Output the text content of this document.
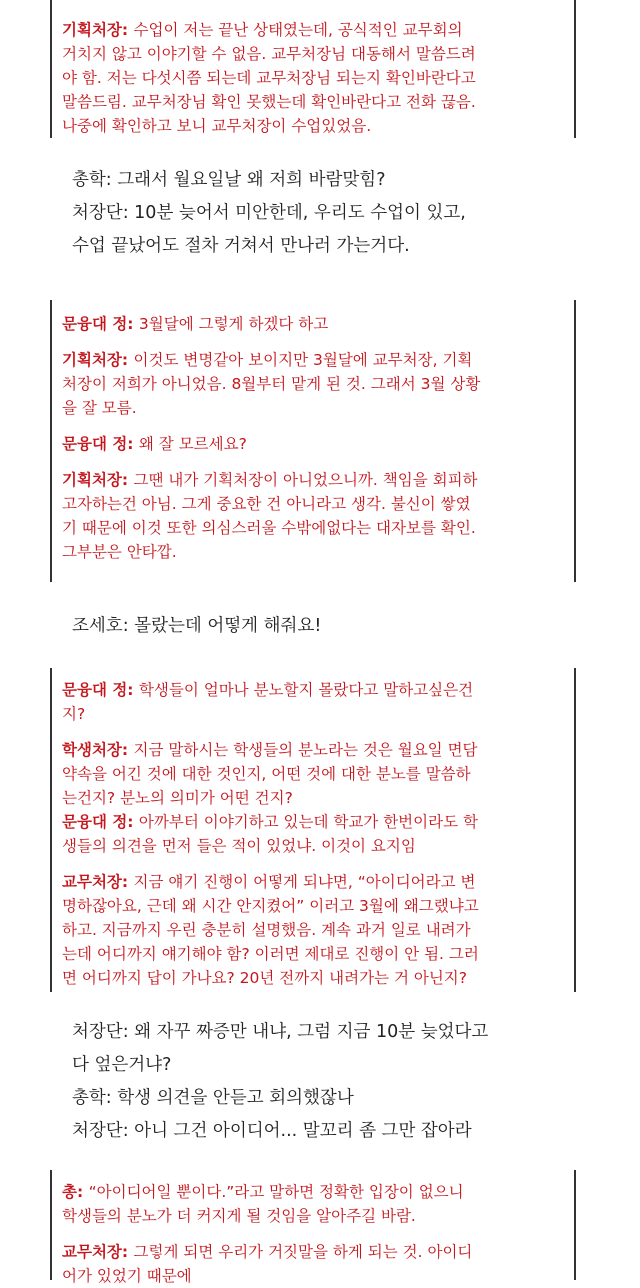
기획처장: 수업이 저는 끝난 상태였는데, 공식적인 교무회의
거치지 않고 이야기할 수 없음. 교무처장님 대동해서 말씀드려
야 함. 저는 다섯시쯤 되는데 교무처장님 되는지 확인바란다고
말씀드림. 교무처장님 확인 못했는데 확인바란다고 전화 끊음.
나중에 확인하고 보니 교무처장이 수업있었음.

총학: 그래서 월요일날 왜 저희 바람맞힘?

처장단: 10분 늦어서 미안한데, 우리도 수업이 있고,

수업 끝났어도 절차 거쳐서 만나러 가는거다.

문융대 정: 3월달에 그렇게 하겠다 하고

기획처장: 이것도 변명같아 보이지만 3월달에 교무처장, 기획
처장이 저희가 아니었음. 8월부터 맡게 된 것. 그래서 3월 상황
을 잘 모름.

문융대 정: 왜 잘 모르세요?

기획처장: 그땐 내가 기획처장이 아니었으니까. 책임을 회피하
고자하는건 아님. 그게 중요한 건 아니라고 생각. 불신이 쌓였
기 때문에 이것 또한 의심스러울 수밖에없다는 대자보를 확인.
그부분은 안타깝.

조세호: 몰랐는데 어떻게 해줘요!

문융대 정: 학생들이 얼마나 분노할지 몰랐다고 말하고싶은건
지?

학생처장: 지금 말하시는 학생들의 분노라는 것은 월요일 면담
약속을 어긴 것에 대한 것인지, 어떤 것에 대한 분노를 말씀하
는건지? 분노의 의미가 어떤 건지?

문융대 정: 아까부터 이야기하고 있는데 학교가 한번이라도 학
생들의 의견을 먼저 들은 적이 있었냐. 이것이 요지임

교무처장: 지금 얘기 진행이 어떻게 되냐면, “아이디어라고 변
명하잖아요, 근데 왜 시간 안지켰어” 이러고 3월에 왜그랬냐고
하고. 지금까지 우린 충분히 설명했음. 계속 과거 일로 내려가
는데 어디까지 얘기해야 함? 이러면 제대로 진행이 안 됨. 그러
면 어디까지 답이 가나요? 20년 전까지 내려가는 거 아닌지?

처장단: 왜 자꾸 짜증만 내냐, 그럼 지금 10분 늦었다고

다 엎은거냐?

총학: 학생 의견을 안듣고 회의했잖나

처장단: 아니 그건 아이디어... 말꼬리 좀 그만 잡아라

총: “아이디어일 뿐이다.”라고 말하면 정확한 입장이 없으니
학생들의 분노가 더 커지게 될 것임을 알아주길 바람.

교무처장: 그렇게 되면 우리가 거짓말을 하게 되는 것. 아이디
어가 있었기 때문에
